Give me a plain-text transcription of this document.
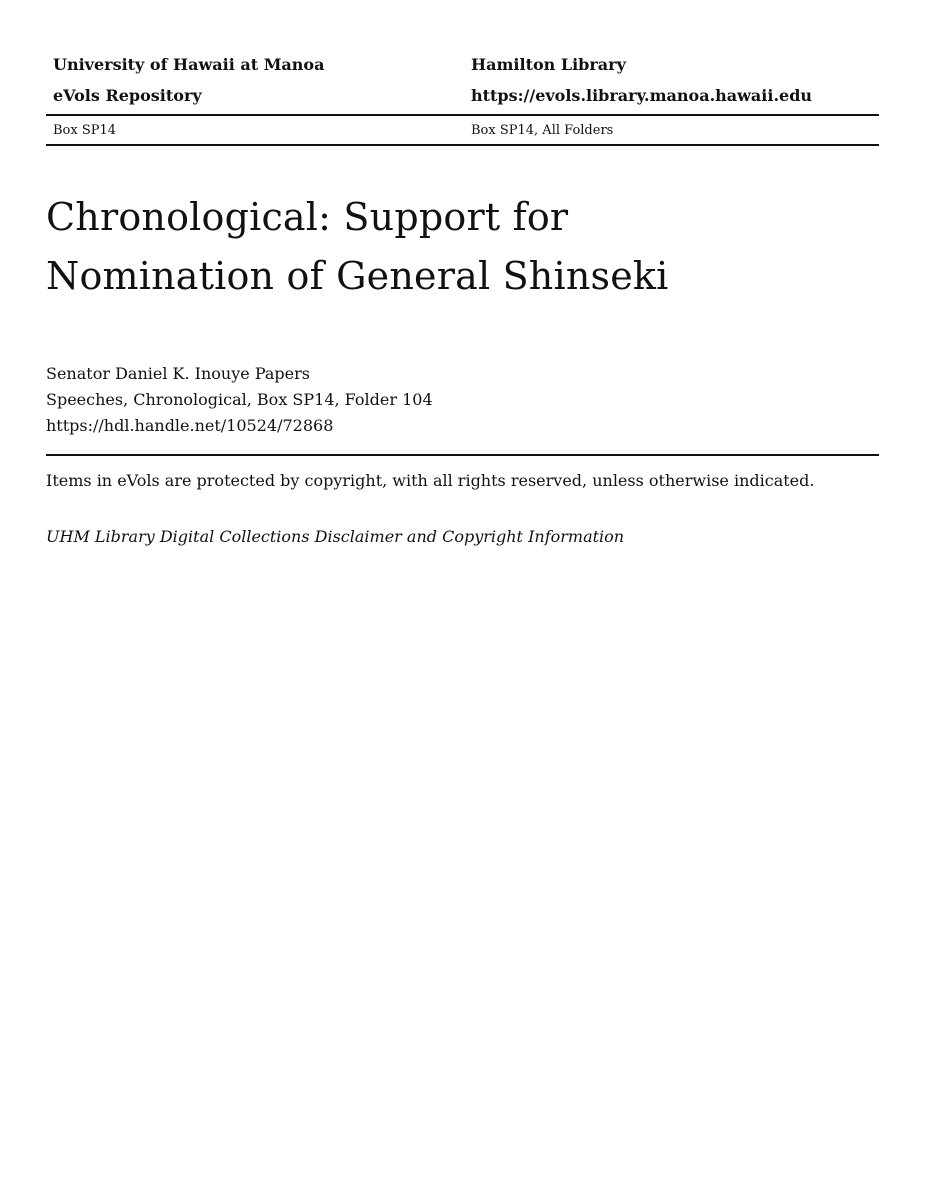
University of Hawaii at Manoa	Hamilton Library
eVols Repository	https://evols.library.manoa.hawaii.edu
Box SP14	Box SP14, All Folders
Chronological: Support for
Nomination of General Shinseki
Senator Daniel K. Inouye Papers
Speeches, Chronological, Box SP14, Folder 104
https://hdl.handle.net/10524/72868
Items in eVols are protected by copyright, with all rights reserved, unless otherwise indicated.
UHM Library Digital Collections Disclaimer and Copyright Information
